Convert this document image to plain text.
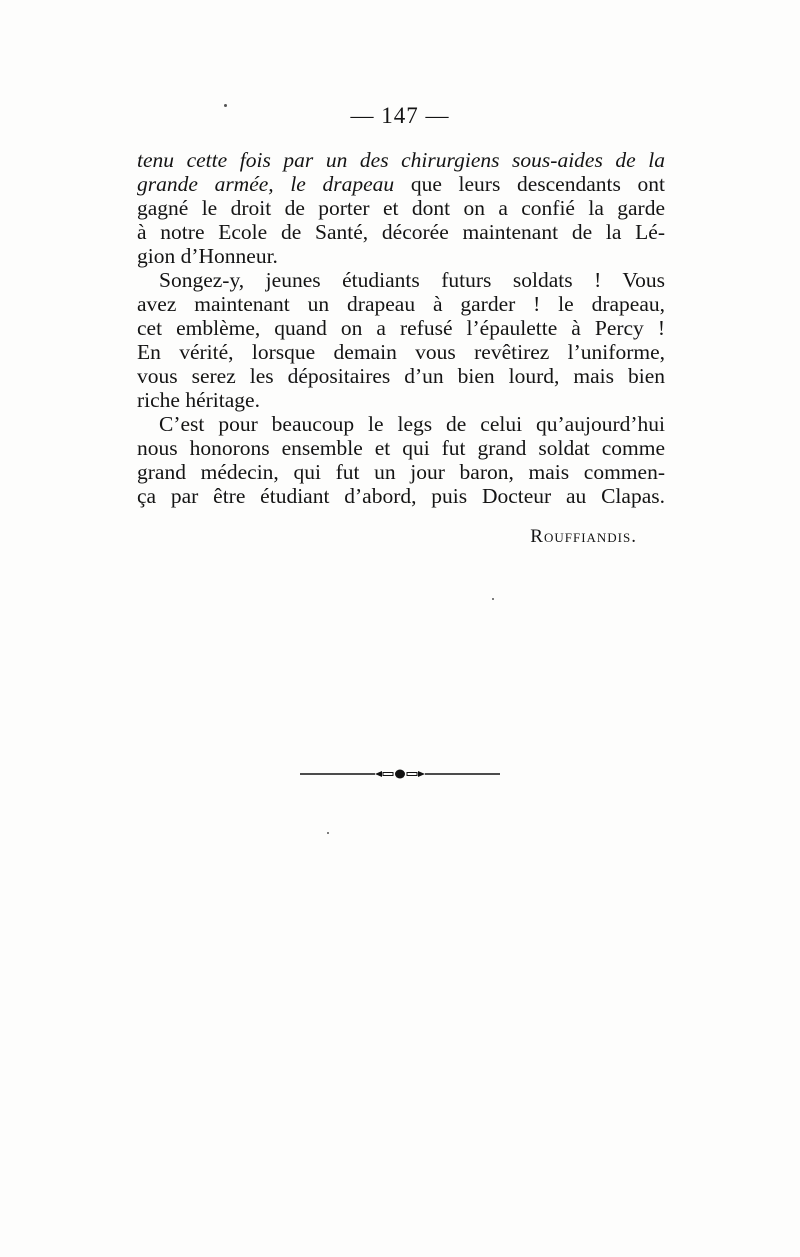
— 147 —
tenu cette fois par un des chirurgiens sous-aides de la
grande armée, le drapeau que leurs descendants ont
gagné le droit de porter et dont on a confié la garde
à notre Ecole de Santé, décorée maintenant de la Lé-
gion d’Honneur.
Songez-y, jeunes étudiants futurs soldats ! Vous
avez maintenant un drapeau à garder ! le drapeau,
cet emblème, quand on a refusé l’épaulette à Percy !
En vérité, lorsque demain vous revêtirez l’uniforme,
vous serez les dépositaires d’un bien lourd, mais bien
riche héritage.
C’est pour beaucoup le legs de celui qu’aujourd’hui
nous honorons ensemble et qui fut grand soldat comme
grand médecin, qui fut un jour baron, mais commen-
ça par être étudiant d’abord, puis Docteur au Clapas.
Rouffiandis.
